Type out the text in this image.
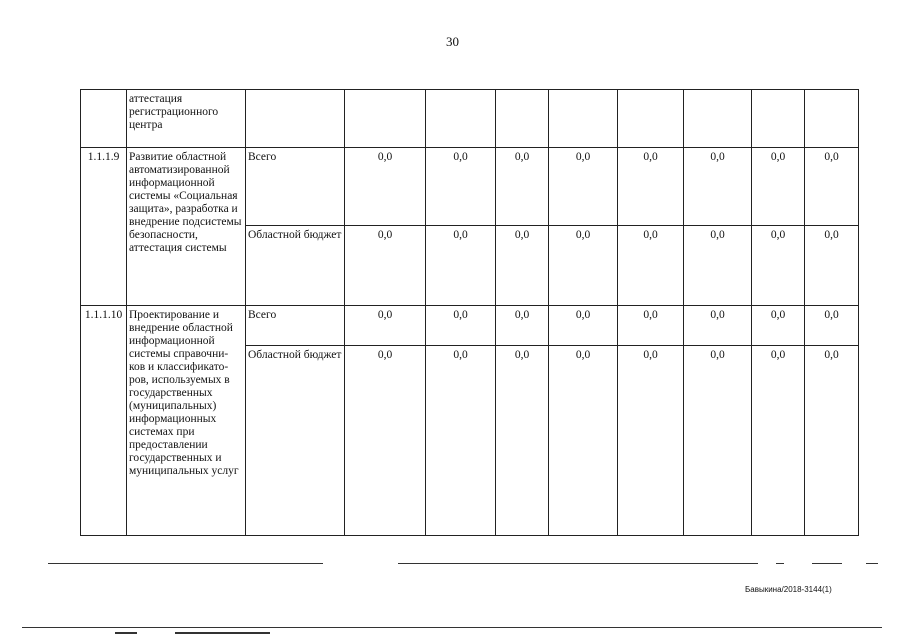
30
	аттестация регистрационного центра									
1.1.1.9	Развитие областной автоматизированной информационной системы «Социальная защита», разработка и внедрение подсистемы безопасности, аттестация системы	Всего	0,0	0,0	0,0	0,0	0,0	0,0	0,0	0,0
		Областной бюджет	0,0	0,0	0,0	0,0	0,0	0,0	0,0	0,0
1.1.1.10	Проектирование и внедрение областной информационной системы справочни-ков и классификато-ров, используемых в государственных (муниципальных) информационных системах при предоставлении государственных и муниципальных услуг	Всего	0,0	0,0	0,0	0,0	0,0	0,0	0,0	0,0
		Областной бюджет	0,0	0,0	0,0	0,0	0,0	0,0	0,0	0,0
Бавыкина/2018-3144(1)
